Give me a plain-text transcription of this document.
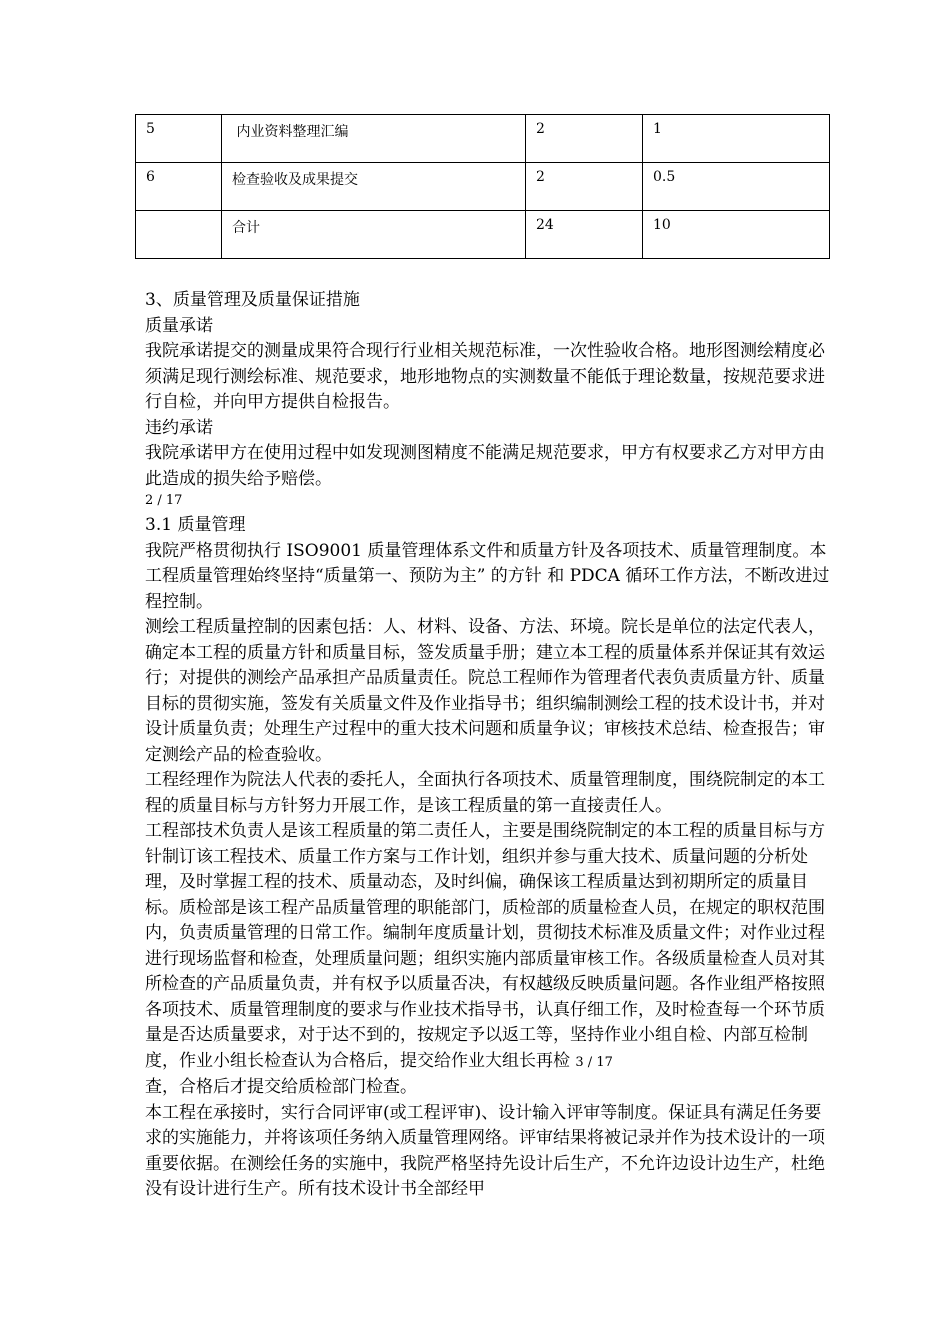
5	内业资料整理汇编	2	1
6	检查验收及成果提交	2	0.5
	合计	24	10

3、质量管理及质量保证措施

质量承诺

我院承诺提交的测量成果符合现行行业相关规范标准，一次性验收合格。地形图测绘精度必须满足现行测绘标准、规范要求，地形地物点的实测数量不能低于理论数量，按规范要求进行自检，并向甲方提供自检报告。

违约承诺

我院承诺甲方在使用过程中如发现测图精度不能满足规范要求，甲方有权要求乙方对甲方由此造成的损失给予赔偿。

2 / 17

3.1 质量管理

我院严格贯彻执行 ISO9001 质量管理体系文件和质量方针及各项技术、质量管理制度。本工程质量管理始终坚持“质量第一、预防为主” 的方针 和 PDCA 循环工作方法，不断改进过程控制。

测绘工程质量控制的因素包括：人、材料、设备、方法、环境。院长是单位的法定代表人，确定本工程的质量方针和质量目标，签发质量手册；建立本工程的质量体系并保证其有效运行；对提供的测绘产品承担产品质量责任。院总工程师作为管理者代表负责质量方针、质量目标的贯彻实施，签发有关质量文件及作业指导书；组织编制测绘工程的技术设计书，并对设计质量负责；处理生产过程中的重大技术问题和质量争议；审核技术总结、检查报告；审定测绘产品的检查验收。

工程经理作为院法人代表的委托人，全面执行各项技术、质量管理制度，围绕院制定的本工程的质量目标与方针努力开展工作，是该工程质量的第一直接责任人。

工程部技术负责人是该工程质量的第二责任人，主要是围绕院制定的本工程的质量目标与方针制订该工程技术、质量工作方案与工作计划，组织并参与重大技术、质量问题的分析处理，及时掌握工程的技术、质量动态，及时纠偏，确保该工程质量达到初期所定的质量目标。质检部是该工程产品质量管理的职能部门，质检部的质量检查人员，在规定的职权范围内，负责质量管理的日常工作。编制年度质量计划，贯彻技术标准及质量文件；对作业过程进行现场监督和检查，处理质量问题；组织实施内部质量审核工作。各级质量检查人员对其所检查的产品质量负责，并有权予以质量否决，有权越级反映质量问题。各作业组严格按照各项技术、质量管理制度的要求与作业技术指导书，认真仔细工作，及时检查每一个环节质量是否达质量要求，对于达不到的，按规定予以返工等，坚持作业小组自检、内部互检制度，作业小组长检查认为合格后，提交给作业大组长再检 3 / 17

查，合格后才提交给质检部门检查。

本工程在承接时，实行合同评审(或工程评审)、设计输入评审等制度。保证具有满足任务要求的实施能力，并将该项任务纳入质量管理网络。评审结果将被记录并作为技术设计的一项重要依据。在测绘任务的实施中，我院严格坚持先设计后生产，不允许边设计边生产，杜绝没有设计进行生产。所有技术设计书全部经甲
